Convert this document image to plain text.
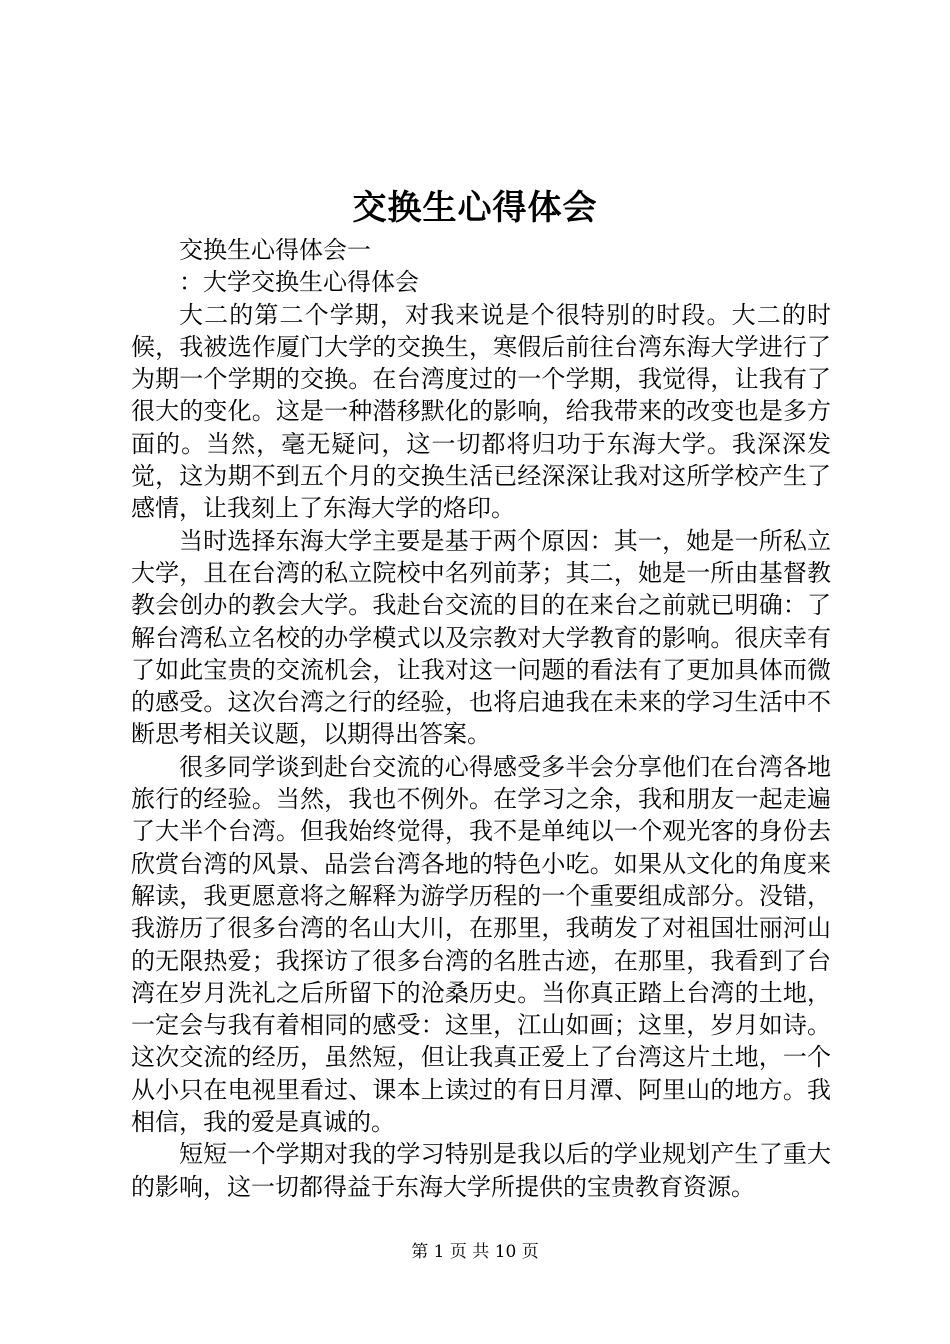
交换生心得体会
交换生心得体会一
：大学交换生心得体会

大二的第二个学期，对我来说是个很特别的时段。大二的时候，我被选作厦门大学的交换生，寒假后前往台湾东海大学进行了为期一个学期的交换。在台湾度过的一个学期，我觉得，让我有了很大的变化。这是一种潜移默化的影响，给我带来的改变也是多方面的。当然，毫无疑问，这一切都将归功于东海大学。我深深发觉，这为期不到五个月的交换生活已经深深让我对这所学校产生了感情，让我刻上了东海大学的烙印。

当时选择东海大学主要是基于两个原因：其一，她是一所私立大学，且在台湾的私立院校中名列前茅；其二，她是一所由基督教教会创办的教会大学。我赴台交流的目的在来台之前就已明确：了解台湾私立名校的办学模式以及宗教对大学教育的影响。很庆幸有了如此宝贵的交流机会，让我对这一问题的看法有了更加具体而微的感受。这次台湾之行的经验，也将启迪我在未来的学习生活中不断思考相关议题，以期得出答案。

很多同学谈到赴台交流的心得感受多半会分享他们在台湾各地旅行的经验。当然，我也不例外。在学习之余，我和朋友一起走遍了大半个台湾。但我始终觉得，我不是单纯以一个观光客的身份去欣赏台湾的风景、品尝台湾各地的特色小吃。如果从文化的角度来解读，我更愿意将之解释为游学历程的一个重要组成部分。没错，我游历了很多台湾的名山大川，在那里，我萌发了对祖国壮丽河山的无限热爱；我探访了很多台湾的名胜古迹，在那里，我看到了台湾在岁月洗礼之后所留下的沧桑历史。当你真正踏上台湾的土地，一定会与我有着相同的感受：这里，江山如画；这里，岁月如诗。这次交流的经历，虽然短，但让我真正爱上了台湾这片土地，一个从小只在电视里看过、课本上读过的有日月潭、阿里山的地方。我相信，我的爱是真诚的。

短短一个学期对我的学习特别是我以后的学业规划产生了重大的影响，这一切都得益于东海大学所提供的宝贵教育资源。

第 1 页 共 10 页
